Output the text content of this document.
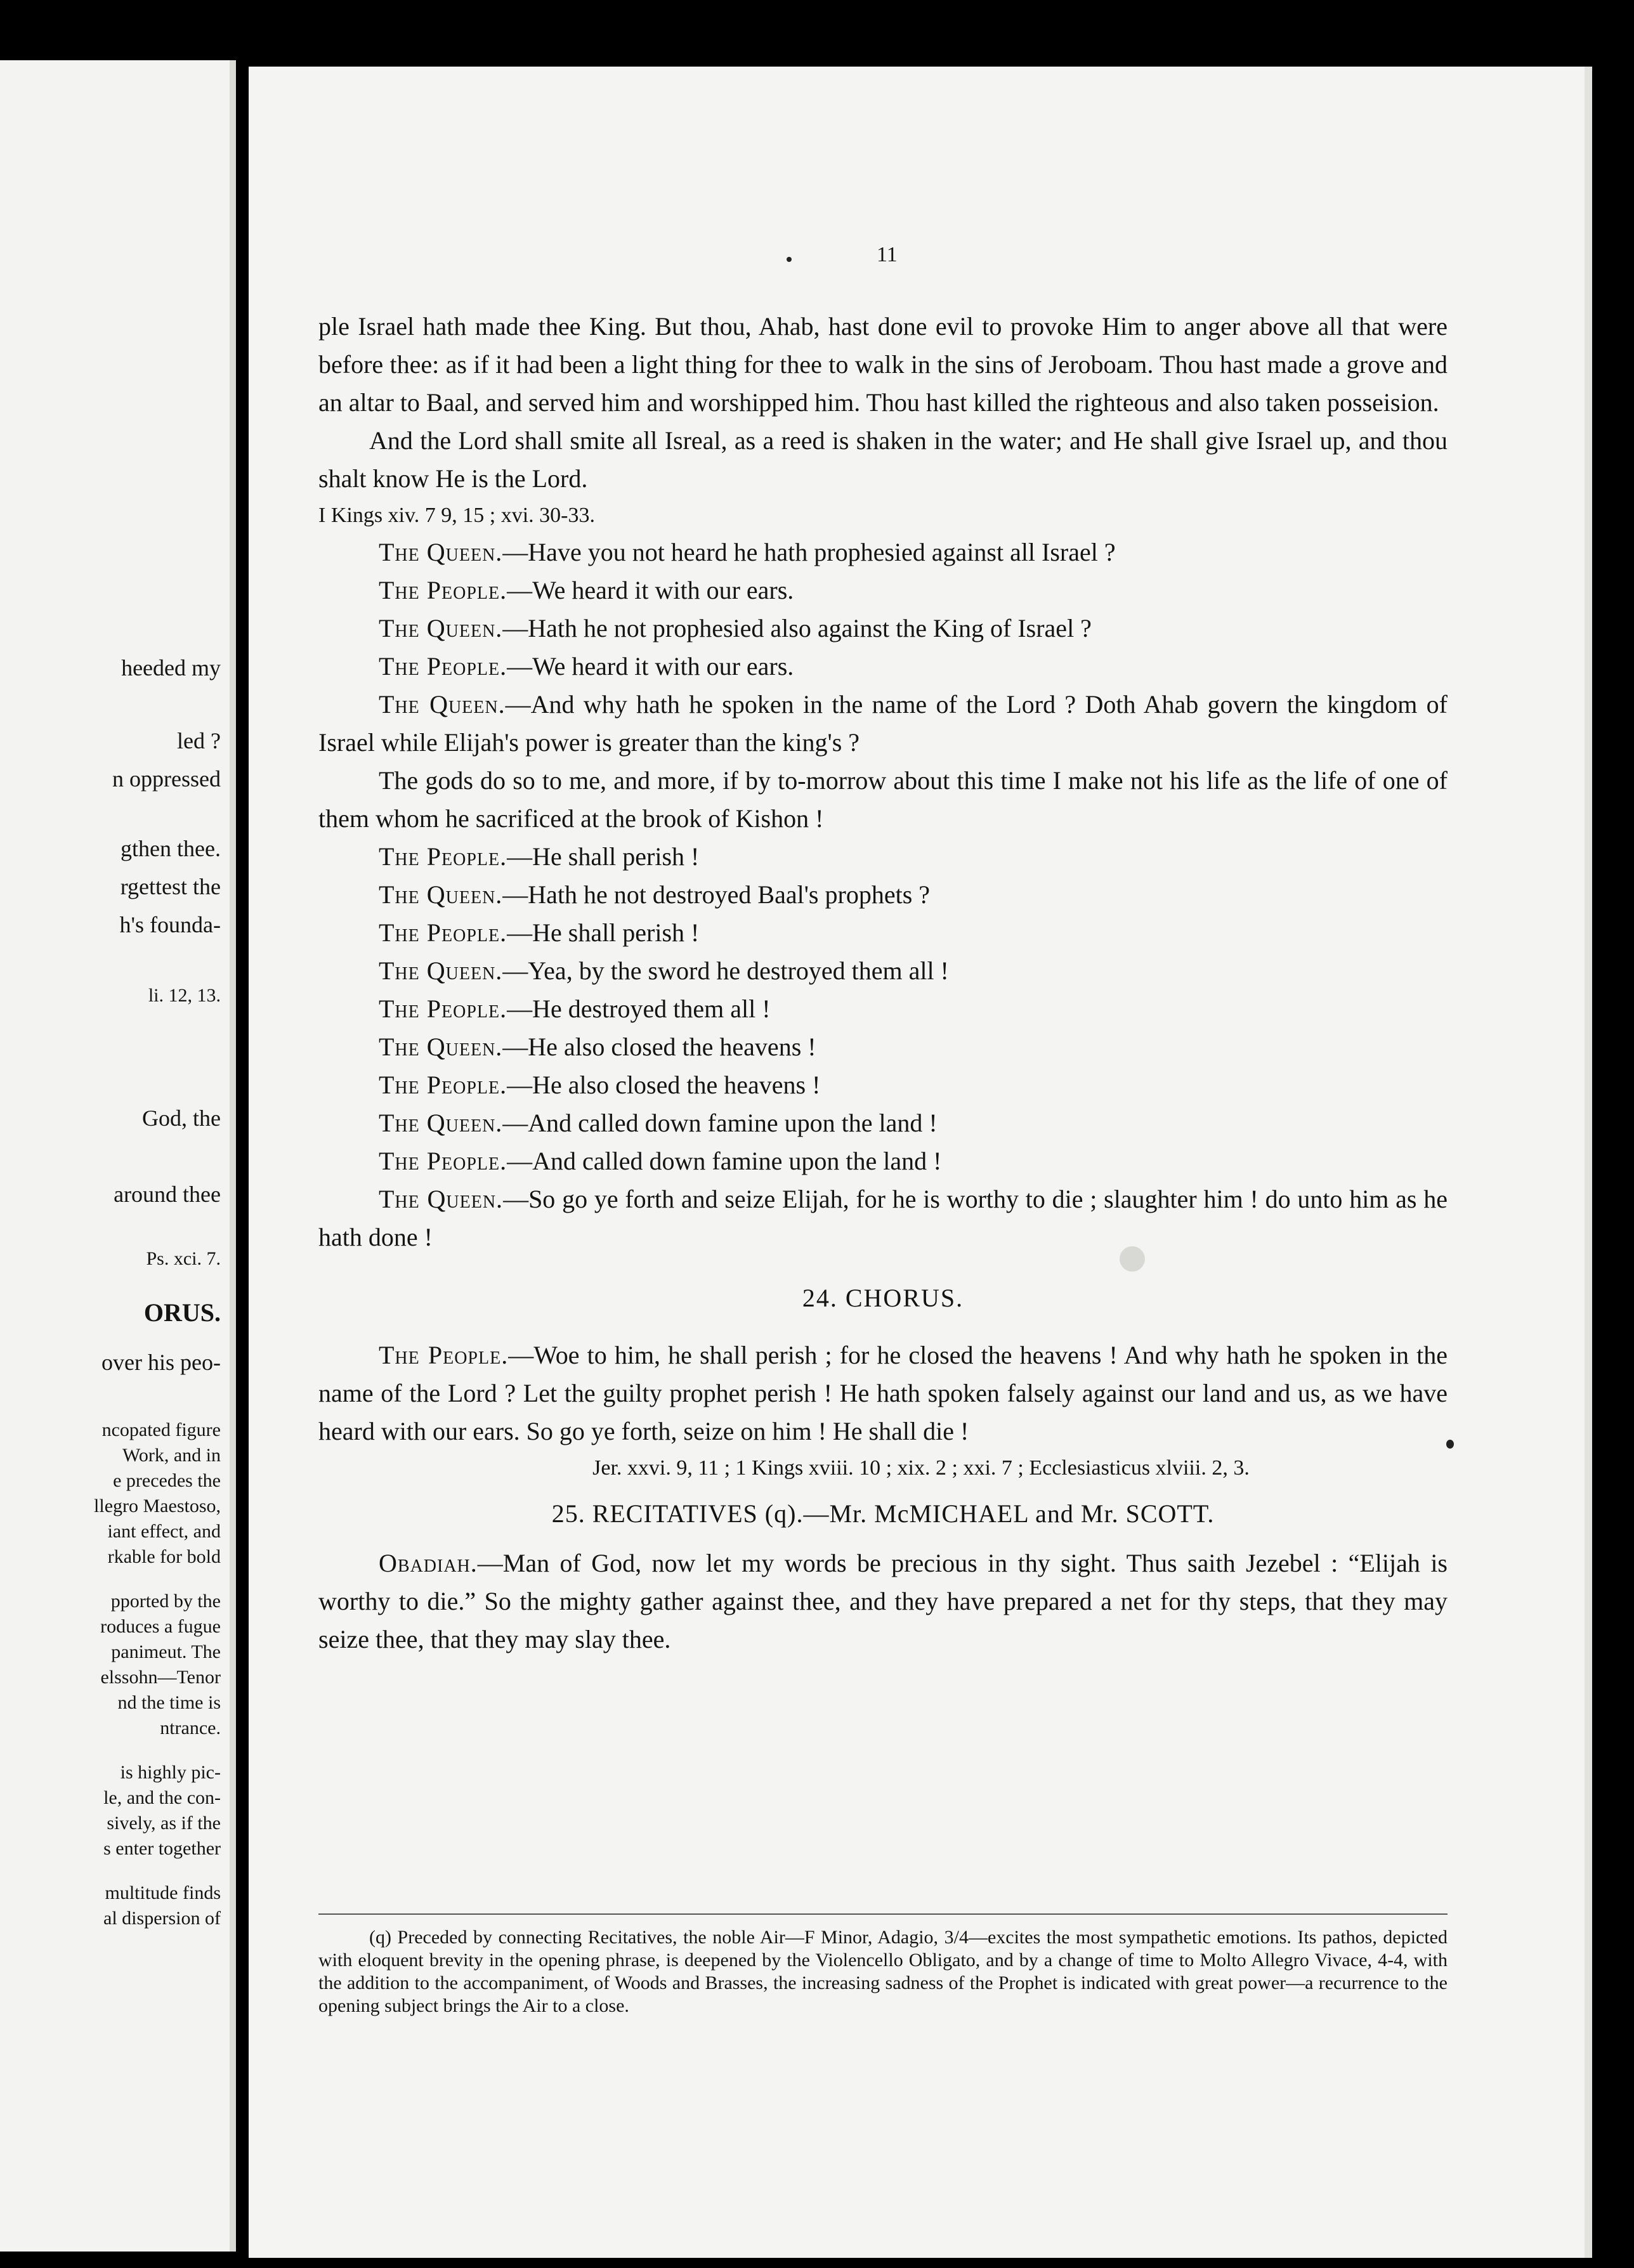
heeded my
led ?
n oppressed
gthen thee.
rgettest the
h's founda-
li. 12, 13.
God, the
around thee
Ps. xci. 7.
ORUS.
over his peo-
ncopated figure
Work, and in
e precedes the
llegro Maestoso,
iant effect, and
rkable for bold
pported by the
roduces a fugue
panimeut. The
elssohn—Tenor
nd the time is
ntrance.
is highly pic-
le, and the con-
sively, as if the
s enter together
multitude finds
al dispersion of
11

ple Israel hath made thee King. But thou, Ahab, hast done evil to provoke Him to anger above all that were before thee: as if it had been a light thing for thee to walk in the sins of Jeroboam. Thou hast made a grove and an altar to Baal, and served him and worshipped him. Thou hast killed the righteous and also taken posseision.

And the Lord shall smite all Isreal, as a reed is shaken in the water; and He shall give Israel up, and thou shalt know He is the Lord.

I Kings xiv. 7 9, 15 ; xvi. 30-33.

The Queen.—Have you not heard he hath prophesied against all Israel ?

The People.—We heard it with our ears.

The Queen.—Hath he not prophesied also against the King of Israel ?

The People.—We heard it with our ears.

The Queen.—And why hath he spoken in the name of the Lord ? Doth Ahab govern the kingdom of Israel while Elijah's power is greater than the king's ?

The gods do so to me, and more, if by to-morrow about this time I make not his life as the life of one of them whom he sacrificed at the brook of Kishon !

The People.—He shall perish !

The Queen.—Hath he not destroyed Baal's prophets ?

The People.—He shall perish !

The Queen.—Yea, by the sword he destroyed them all !

The People.—He destroyed them all !

The Queen.—He also closed the heavens !

The People.—He also closed the heavens !

The Queen.—And called down famine upon the land !

The People.—And called down famine upon the land !

The Queen.—So go ye forth and seize Elijah, for he is worthy to die ; slaughter him ! do unto him as he hath done !

24. CHORUS.

The People.—Woe to him, he shall perish ; for he closed the heavens ! And why hath he spoken in the name of the Lord ? Let the guilty prophet perish ! He hath spoken falsely against our land and us, as we have heard with our ears. So go ye forth, seize on him ! He shall die !

Jer. xxvi. 9, 11 ; 1 Kings xviii. 10 ; xix. 2 ; xxi. 7 ; Ecclesiasticus xlviii. 2, 3.

25. RECITATIVES (q).—Mr. McMICHAEL and Mr. SCOTT.

Obadiah.—Man of God, now let my words be precious in thy sight. Thus saith Jezebel : “Elijah is worthy to die.” So the mighty gather against thee, and they have prepared a net for thy steps, that they may seize thee, that they may slay thee.

(q) Preceded by connecting Recitatives, the noble Air—F Minor, Adagio, 3/4—excites the most sympathetic emotions. Its pathos, depicted with eloquent brevity in the opening phrase, is deepened by the Violencello Obligato, and by a change of time to Molto Allegro Vivace, 4-4, with the addition to the accompaniment, of Woods and Brasses, the increasing sadness of the Prophet is indicated with great power—a recurrence to the opening subject brings the Air to a close.
